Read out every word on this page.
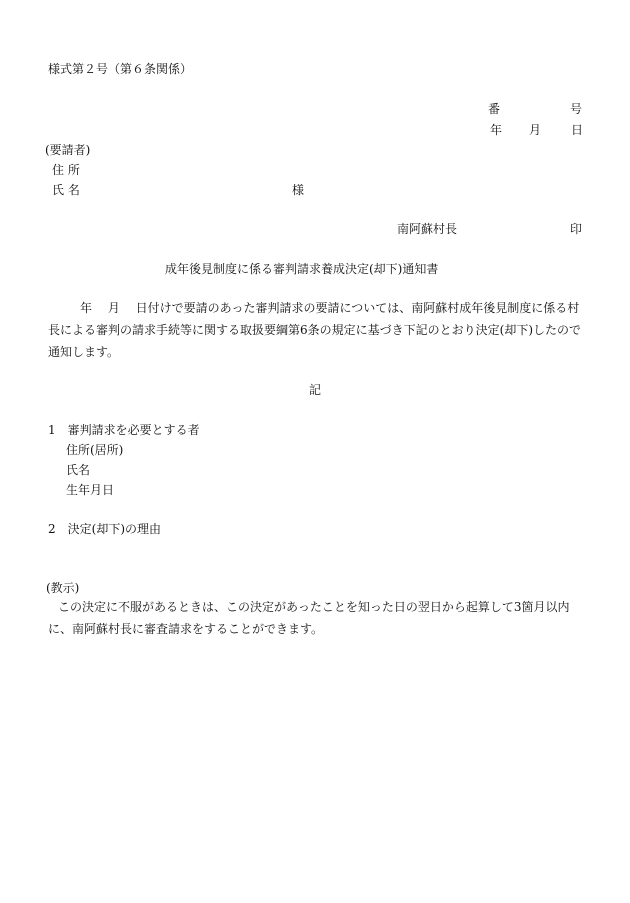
様式第２号（第６条関係）
番	号
年 月 日
(要請者)
住 所
氏 名	様
南阿蘇村長	印
成年後見制度に係る審判請求養成決定(却下)通知書
年　 月　 日付けで要請のあった審判請求の要請については、南阿蘇村成年後見制度に係る村長による審判の請求手続等に関する取扱要綱第6条の規定に基づき下記のとおり決定(却下)したので通知します。
記
1　審判請求を必要とする者
住所(居所)
氏名
生年月日
2　決定(却下)の理由
(教示)
この決定に不服があるときは、この決定があったことを知った日の翌日から起算して3箇月以内に、南阿蘇村長に審査請求をすることができます。
